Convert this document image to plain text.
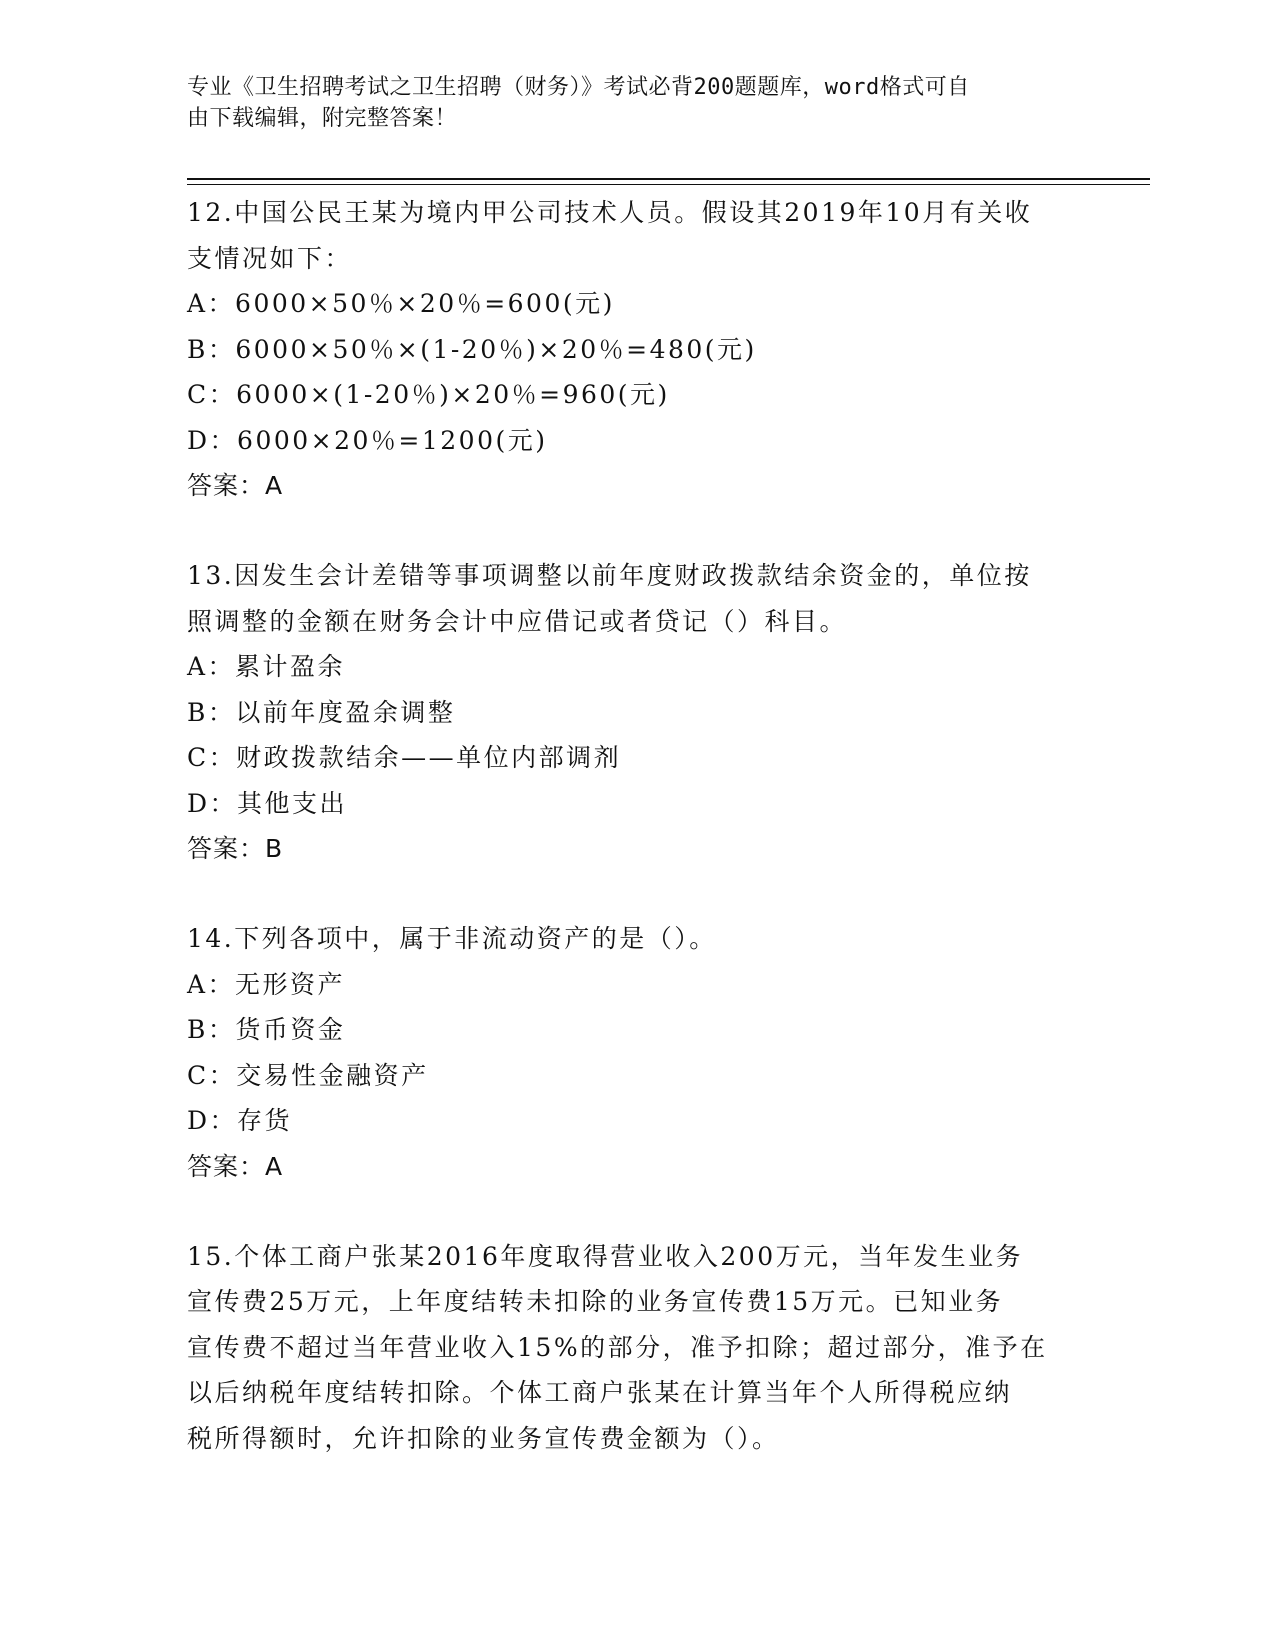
专业《卫生招聘考试之卫生招聘（财务）》考试必背200题题库，word格式可自
由下载编辑，附完整答案！
12.中国公民王某为境内甲公司技术人员。假设其2019年10月有关收
支情况如下：
A：6000×50％×20％=600(元)
B：6000×50％×(1-20％)×20％=480(元)
C：6000×(1-20％)×20％=960(元)
D：6000×20％=1200(元)
答案：A
13.因发生会计差错等事项调整以前年度财政拨款结余资金的，单位按
照调整的金额在财务会计中应借记或者贷记（）科目。
A：累计盈余
B：以前年度盈余调整
C：财政拨款结余——单位内部调剂
D：其他支出
答案：B
14.下列各项中，属于非流动资产的是（）。
A：无形资产
B：货币资金
C：交易性金融资产
D：存货
答案：A
15.个体工商户张某2016年度取得营业收入200万元，当年发生业务
宣传费25万元，上年度结转未扣除的业务宣传费15万元。已知业务
宣传费不超过当年营业收入15%的部分，准予扣除；超过部分，准予在
以后纳税年度结转扣除。个体工商户张某在计算当年个人所得税应纳
税所得额时，允许扣除的业务宣传费金额为（）。
